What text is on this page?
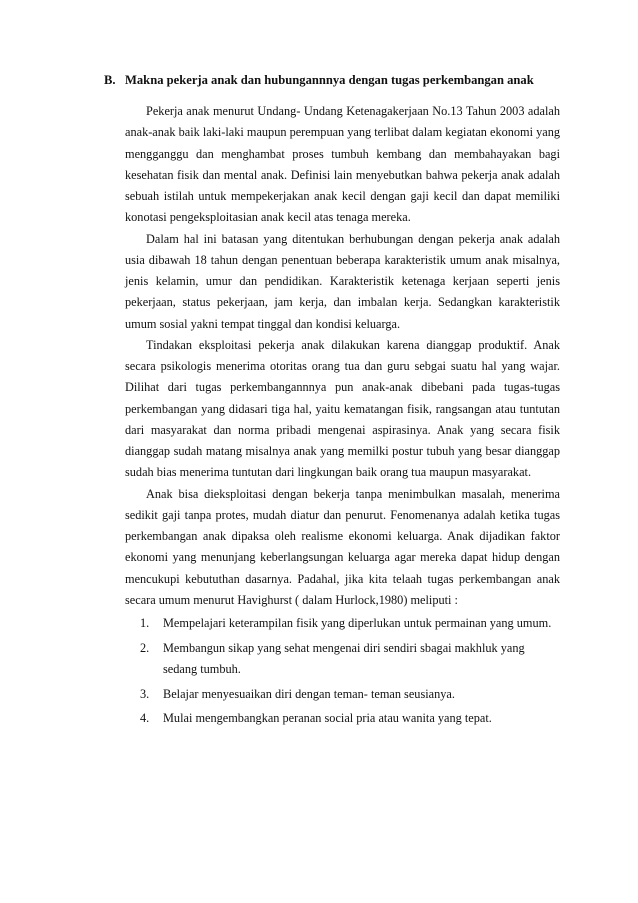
B. Makna pekerja anak dan hubungannnya dengan tugas perkembangan anak

Pekerja anak menurut Undang- Undang Ketenagakerjaan No.13 Tahun 2003 adalah anak-anak baik laki-laki maupun perempuan yang terlibat dalam kegiatan ekonomi yang mengganggu dan menghambat proses tumbuh kembang dan membahayakan bagi kesehatan fisik dan mental anak. Definisi lain menyebutkan bahwa pekerja anak adalah sebuah istilah untuk mempekerjakan anak kecil dengan gaji kecil dan dapat memiliki konotasi pengeksploitasian anak kecil atas tenaga mereka.

Dalam hal ini batasan yang ditentukan berhubungan dengan pekerja anak adalah usia dibawah 18 tahun dengan penentuan beberapa karakteristik umum anak misalnya, jenis kelamin, umur dan pendidikan. Karakteristik ketenaga kerjaan seperti jenis pekerjaan, status pekerjaan, jam kerja, dan imbalan kerja. Sedangkan karakteristik umum sosial yakni tempat tinggal dan kondisi keluarga.

Tindakan eksploitasi pekerja anak dilakukan karena dianggap produktif. Anak secara psikologis menerima otoritas orang tua dan guru sebgai suatu hal yang wajar. Dilihat dari tugas perkembangannnya pun anak-anak dibebani pada tugas-tugas perkembangan yang didasari tiga hal, yaitu kematangan fisik, rangsangan atau tuntutan dari masyarakat dan norma pribadi mengenai aspirasinya. Anak yang secara fisik dianggap sudah matang misalnya anak yang memilki postur tubuh yang besar dianggap sudah bias menerima tuntutan dari lingkungan baik orang tua maupun masyarakat.

Anak bisa dieksploitasi dengan bekerja tanpa menimbulkan masalah, menerima sedikit gaji tanpa protes, mudah diatur dan penurut. Fenomenanya adalah ketika tugas perkembangan anak dipaksa oleh realisme ekonomi keluarga. Anak dijadikan faktor ekonomi yang menunjang keberlangsungan keluarga agar mereka dapat hidup dengan mencukupi kebututhan dasarnya. Padahal, jika kita telaah tugas perkembangan anak secara umum menurut Havighurst ( dalam Hurlock,1980) meliputi :

1. Mempelajari keterampilan fisik yang diperlukan untuk permainan yang umum.
2. Membangun sikap yang sehat mengenai diri sendiri sbagai makhluk yang sedang tumbuh.
3. Belajar menyesuaikan diri dengan teman- teman seusianya.
4. Mulai mengembangkan peranan social pria atau wanita yang tepat.
